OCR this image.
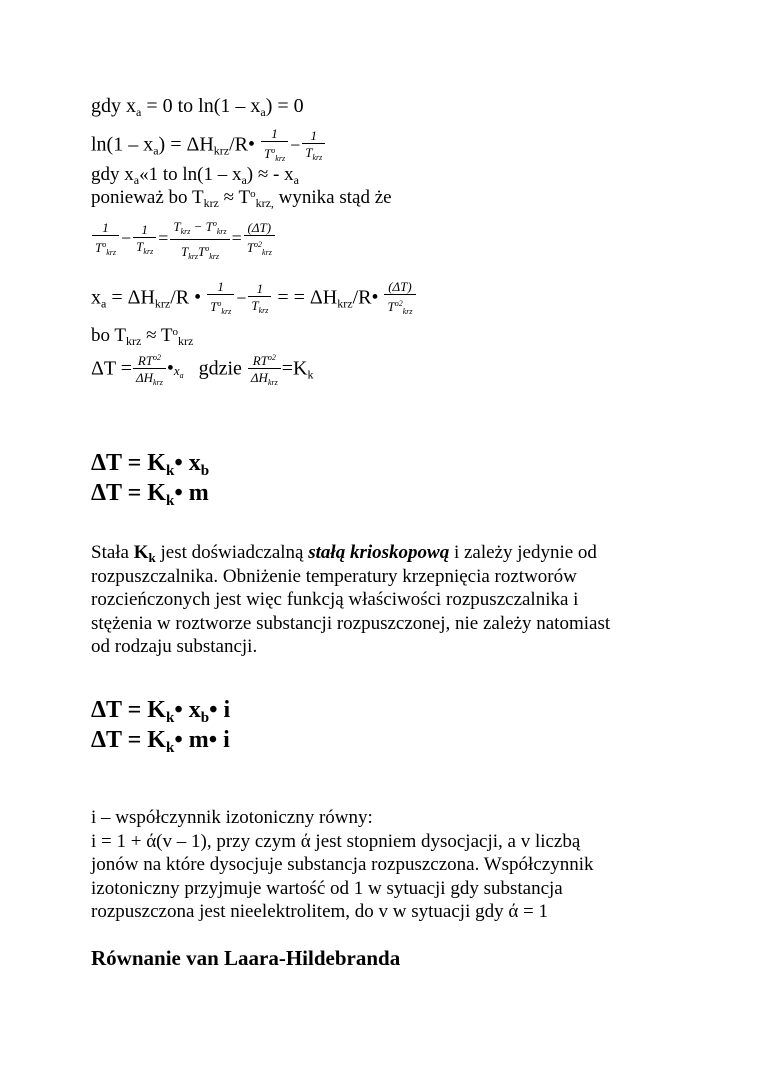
gdy $x_a = 0$ to $\ln(1 - x_a) = 0$
$\ln(1 - x_a)$ = $\Delta H_{krz}/R• \frac{1}{T^o_{krz}} - \frac{1}{T_{krz}}$
gdy $x_a«1$ to $\ln(1 - x_a)$ ≈ - $x_a$
ponieważ bo $T_{krz} \approx T^o_{krz,}$ wynika stąd że
$\frac{1}{T^o_{krz}} - \frac{1}{T_{krz}} = \frac{T_{krz} - T^o_{krz}}{T_{krz}T^o_{krz}} = \frac{(\Delta T)}{T^{o2}_{krz}}$
$x_a = \Delta H_{krz}/R$ • $\frac{1}{T^o_{krz}} - \frac{1}{T_{krz}}$ = = $\Delta H_{krz}/R• \frac{(\Delta T)}{T^{o2}_{krz}}$
bo $T_{krz} \approx T^o_{krz}$
$\Delta T = \frac{RT^{o2}}{\Delta H_{krz}}$ $•x_a$ gdzie $\frac{RT^{o2}}{\Delta H_{krz}} =K_k$
$\Delta T = K_k•$ $x_b$
$\Delta T = K_k•$ m

Stała $K_k$ jest doświadczalną stałą krioskopową i zależy jedynie od

rozpuszczalnika. Obniżenie temperatury krzepnięcia roztworów

rozcieńczonych jest więc funkcją właściwości rozpuszczalnika i

stężenia w roztworze substancji rozpuszczonej, nie zależy natomiast

od rodzaju substancji.

$\Delta T = K_k•$ $x_b•$ i
$\Delta T = K_k•$ m• i

i – współczynnik izotoniczny równy:

i = 1 + ά(v – 1), przy czym ά jest stopniem dysocjacji, a v liczbą

jonów na które dysocjuje substancja rozpuszczona. Współczynnik

izotoniczny przyjmuje wartość od 1 w sytuacji gdy substancja

rozpuszczona jest nieelektrolitem, do v w sytuacji gdy ά = 1

Równanie van Laara-Hildebranda
